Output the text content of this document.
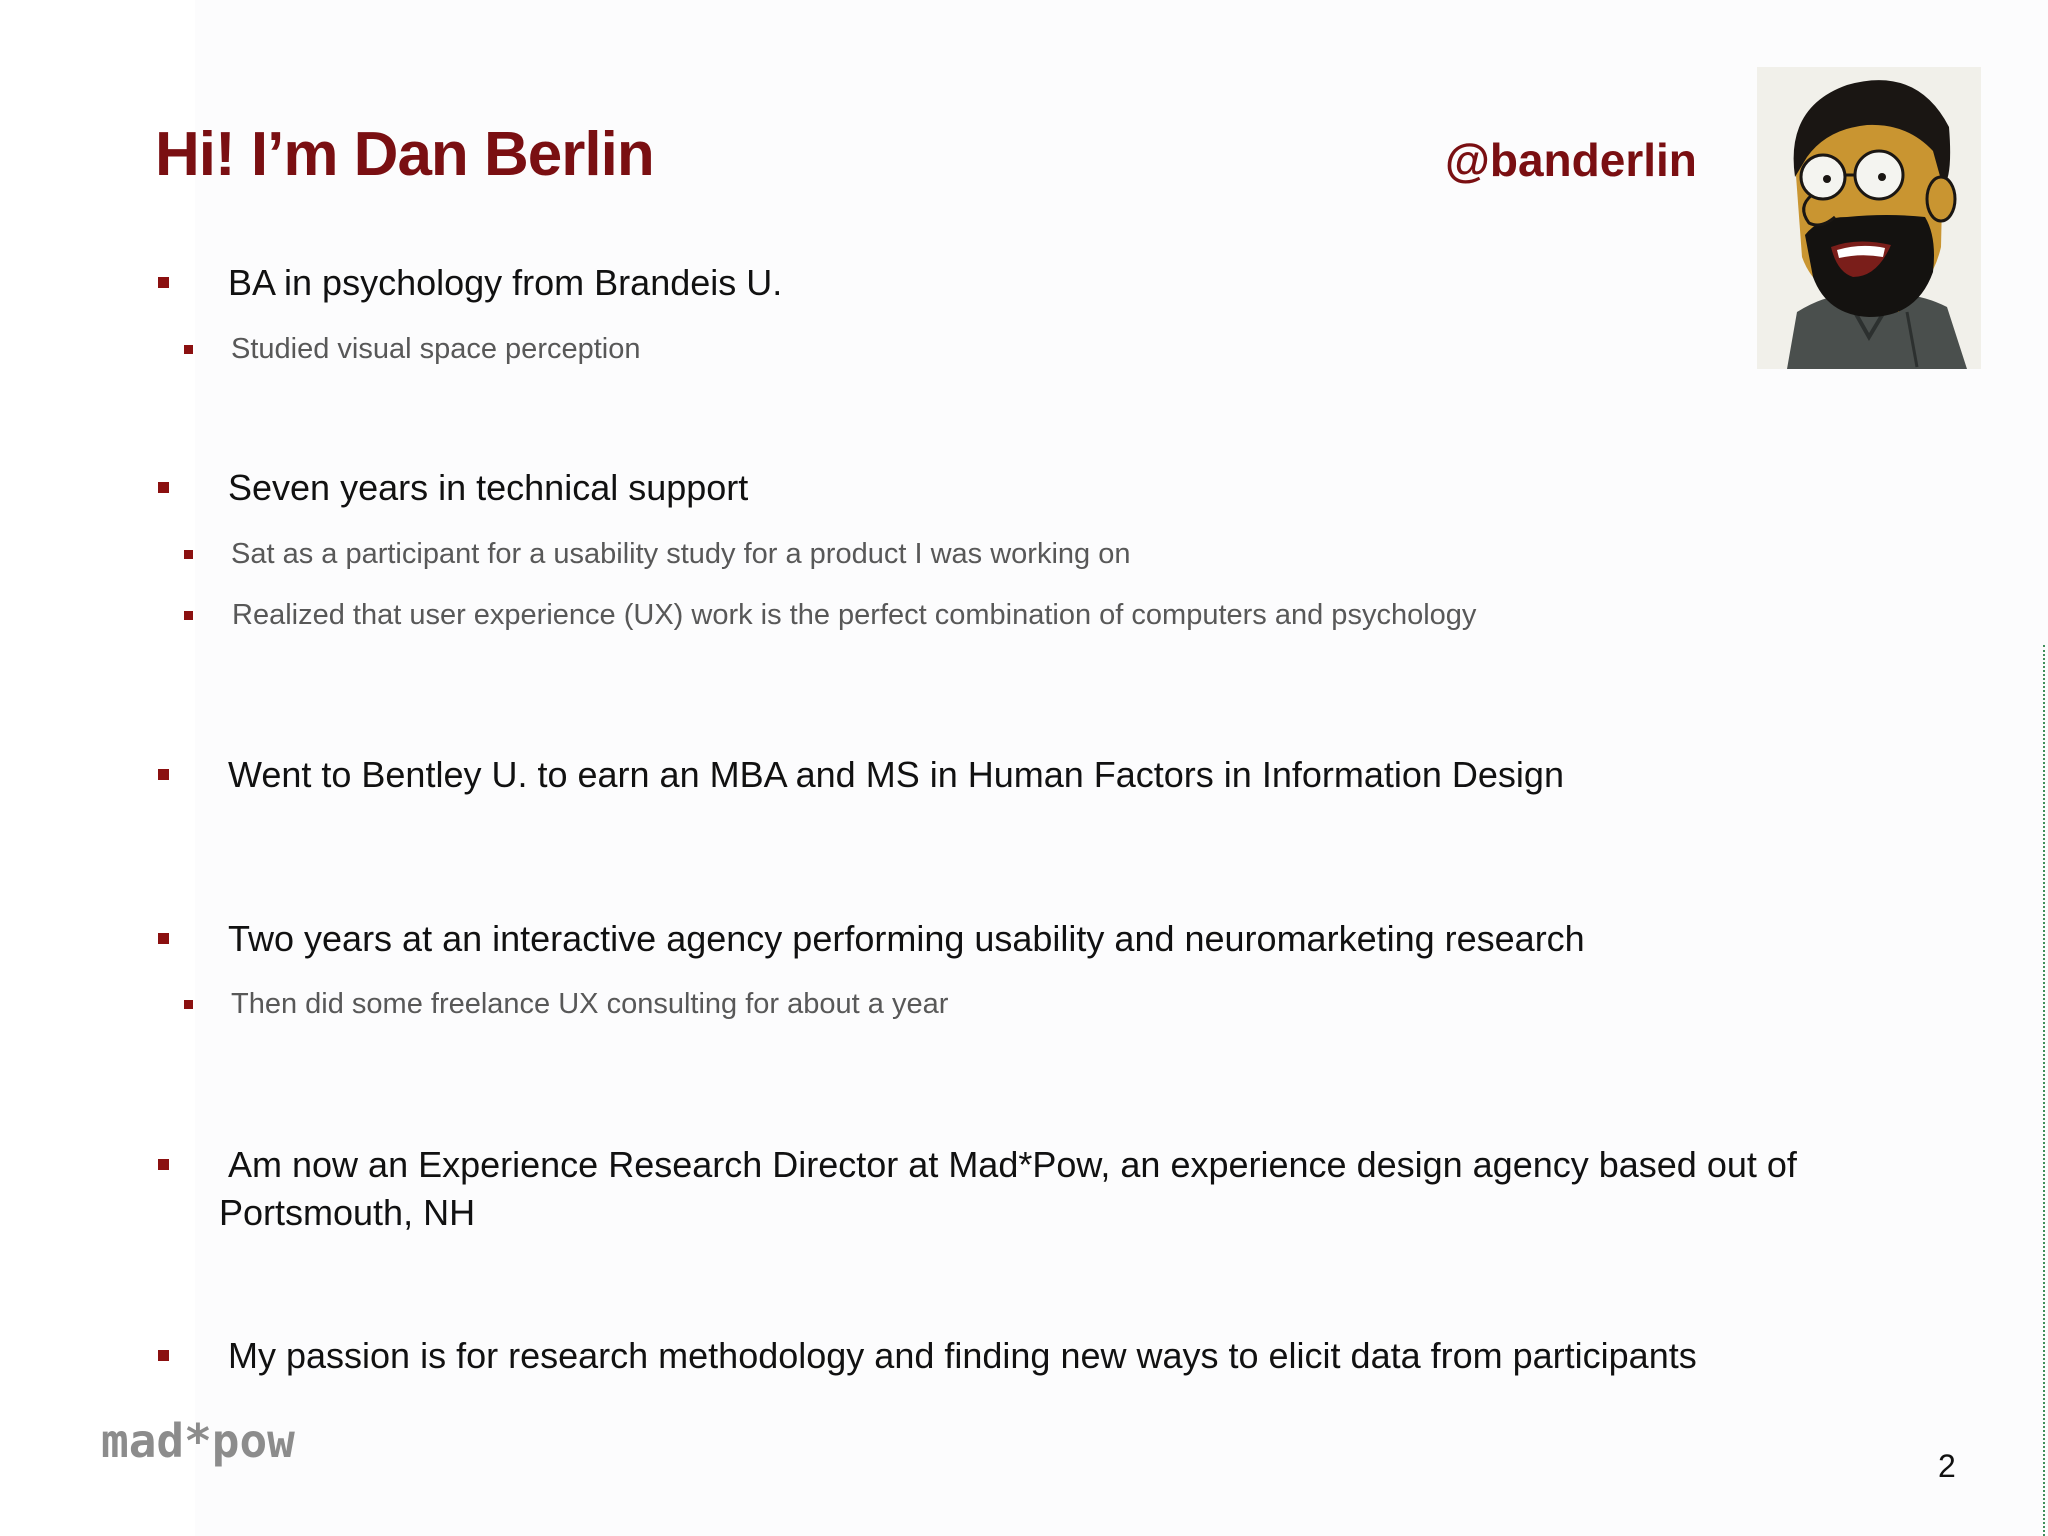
Hi! I’m Dan Berlin	@banderlin
BA in psychology from Brandeis U.
Studied visual space perception
Seven years in technical support
Sat as a participant for a usability study for a product I was working on
Realized that user experience (UX) work is the perfect combination of computers and psychology
Went to Bentley U. to earn an MBA and MS in Human Factors in Information Design
Two years at an interactive agency performing usability and neuromarketing research
Then did some freelance UX consulting for about a year
Am now an Experience Research Director at Mad*Pow, an experience design agency based out of
Portsmouth, NH
My passion is for research methodology and finding new ways to elicit data from participants
mad*pow	2
